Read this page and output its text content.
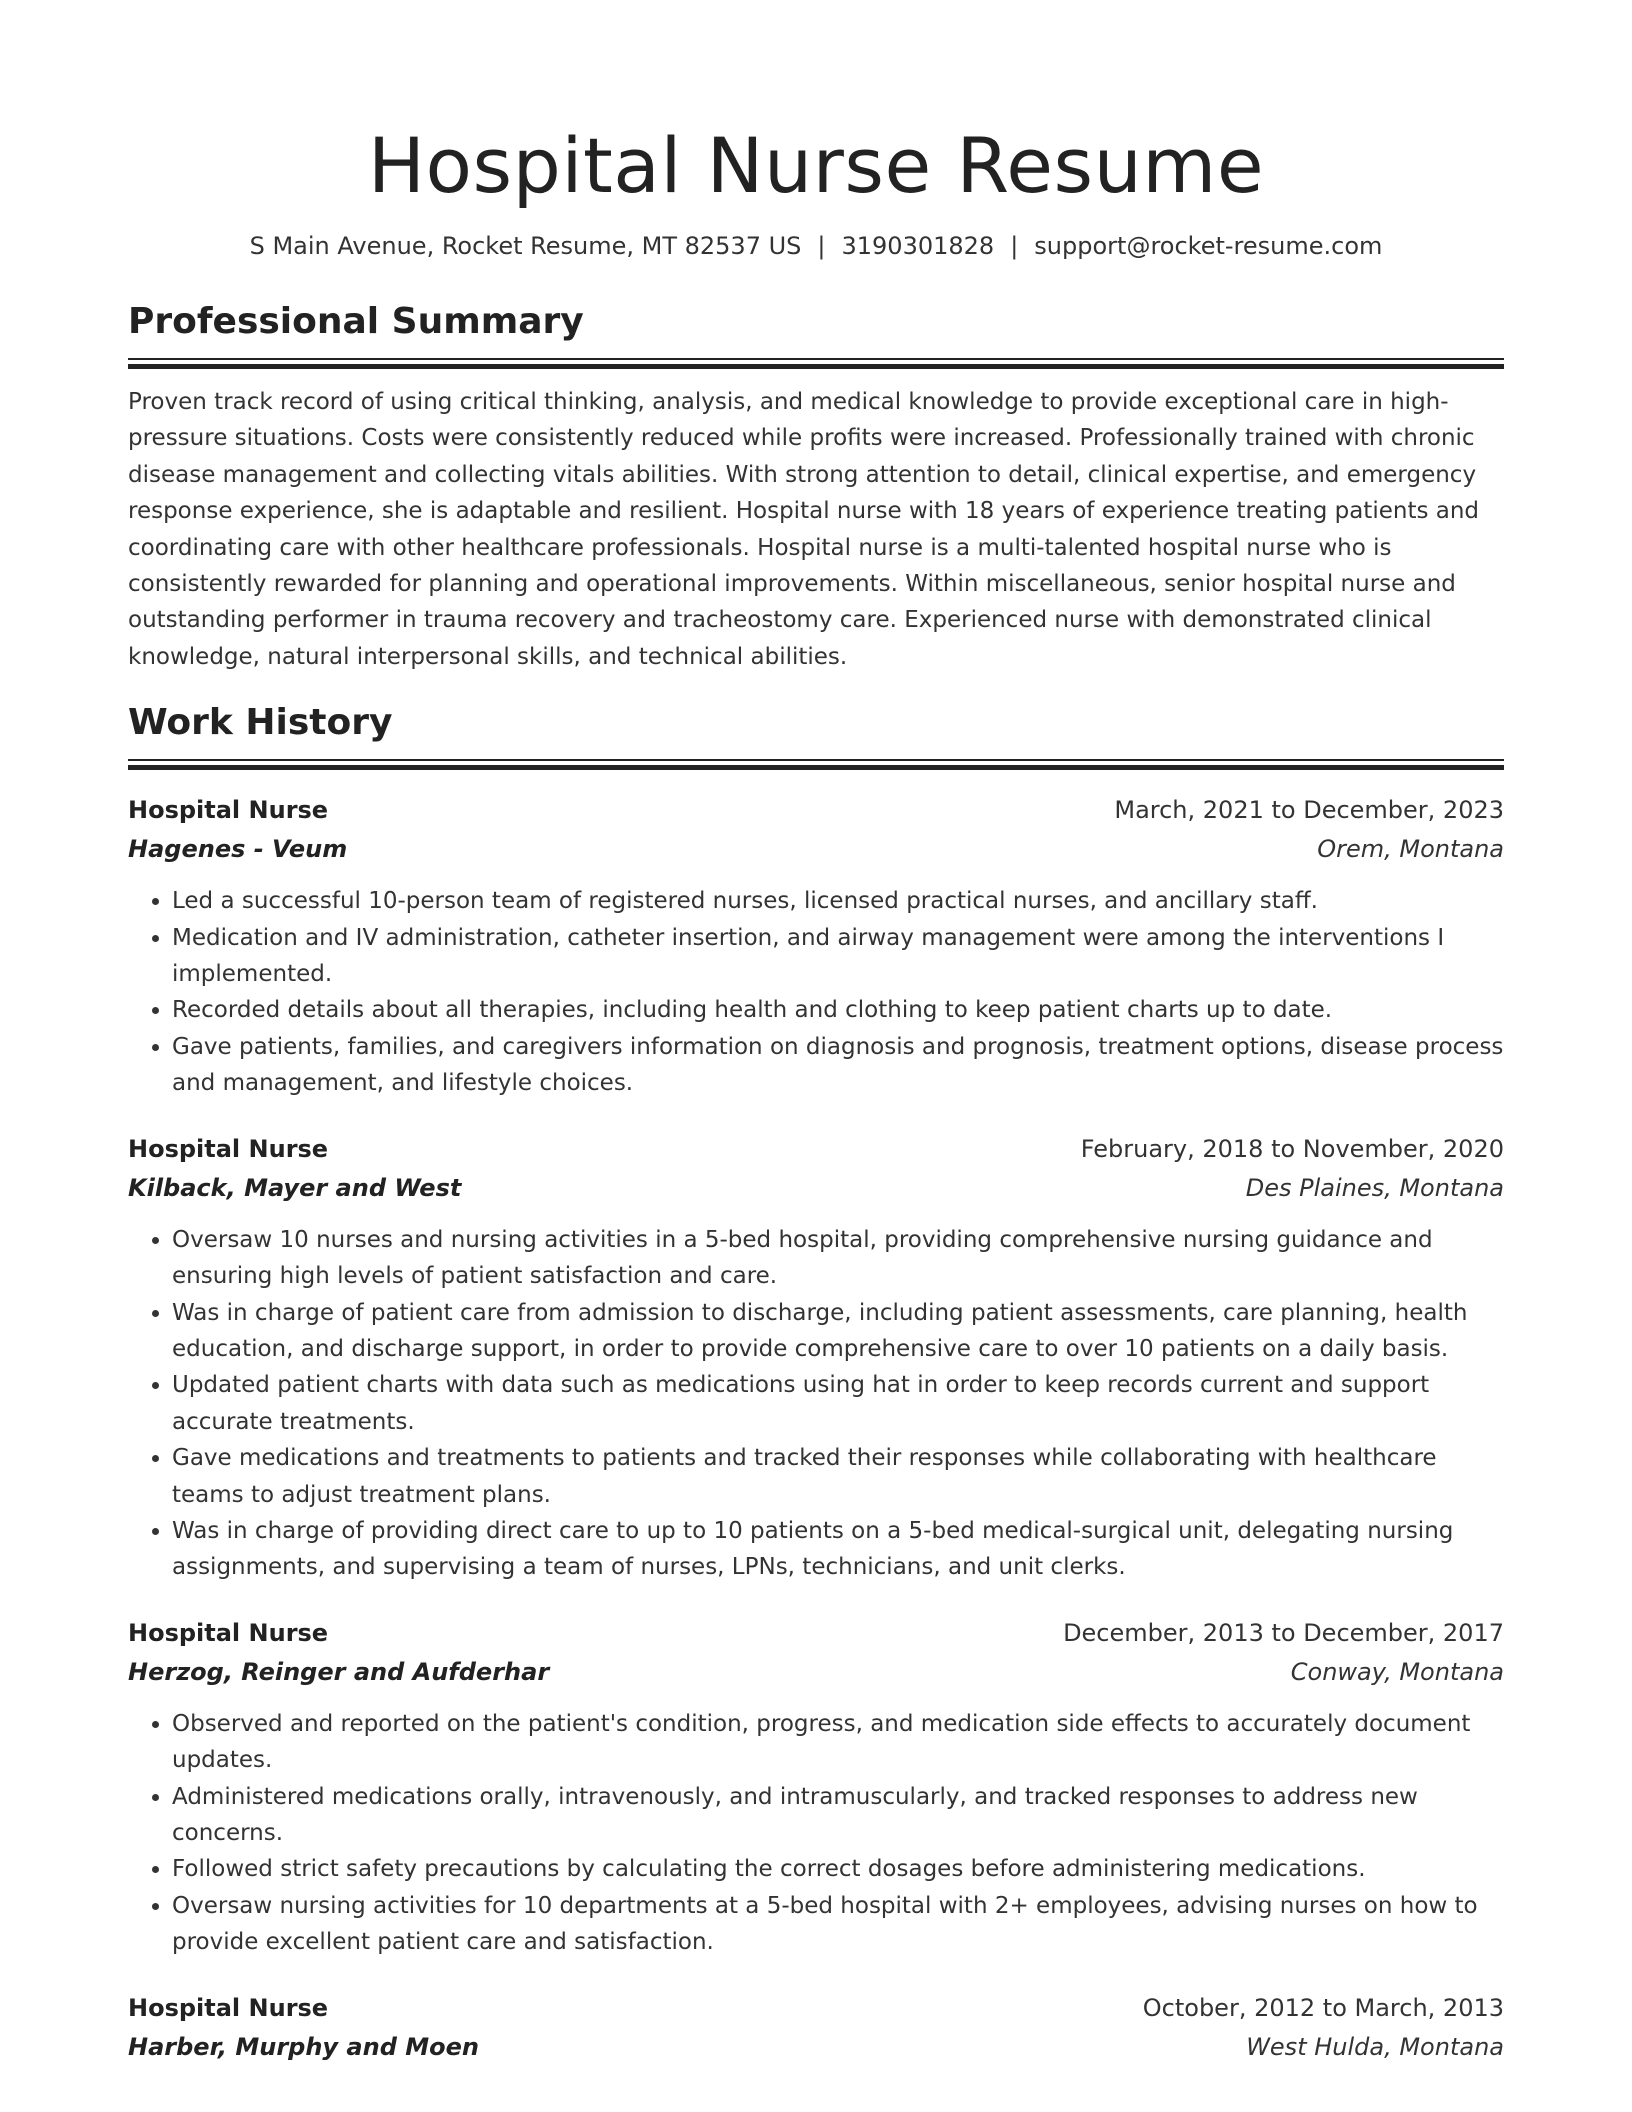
Hospital Nurse Resume
S Main Avenue, Rocket Resume, MT 82537 US | 3190301828 | support@rocket-resume.com
Professional Summary

Proven track record of using critical thinking, analysis, and medical knowledge to provide exceptional care in high-pressure situations. Costs were consistently reduced while profits were increased. Professionally trained with chronic disease management and collecting vitals abilities. With strong attention to detail, clinical expertise, and emergency response experience, she is adaptable and resilient. Hospital nurse with 18 years of experience treating patients and coordinating care with other healthcare professionals. Hospital nurse is a multi-talented hospital nurse who is consistently rewarded for planning and operational improvements. Within miscellaneous, senior hospital nurse and outstanding performer in trauma recovery and tracheostomy care. Experienced nurse with demonstrated clinical knowledge, natural interpersonal skills, and technical abilities.

Work History
Hospital Nurse	March, 2021 to December, 2023
Hagenes - Veum	Orem, Montana
• Led a successful 10-person team of registered nurses, licensed practical nurses, and ancillary staff.
• Medication and IV administration, catheter insertion, and airway management were among the interventions I implemented.
• Recorded details about all therapies, including health and clothing to keep patient charts up to date.
• Gave patients, families, and caregivers information on diagnosis and prognosis, treatment options, disease process and management, and lifestyle choices.
Hospital Nurse	February, 2018 to November, 2020
Kilback, Mayer and West	Des Plaines, Montana
• Oversaw 10 nurses and nursing activities in a 5-bed hospital, providing comprehensive nursing guidance and ensuring high levels of patient satisfaction and care.
• Was in charge of patient care from admission to discharge, including patient assessments, care planning, health education, and discharge support, in order to provide comprehensive care to over 10 patients on a daily basis.
• Updated patient charts with data such as medications using hat in order to keep records current and support accurate treatments.
• Gave medications and treatments to patients and tracked their responses while collaborating with healthcare teams to adjust treatment plans.
• Was in charge of providing direct care to up to 10 patients on a 5-bed medical-surgical unit, delegating nursing assignments, and supervising a team of nurses, LPNs, technicians, and unit clerks.
Hospital Nurse	December, 2013 to December, 2017
Herzog, Reinger and Aufderhar	Conway, Montana
• Observed and reported on the patient's condition, progress, and medication side effects to accurately document updates.
• Administered medications orally, intravenously, and intramuscularly, and tracked responses to address new concerns.
• Followed strict safety precautions by calculating the correct dosages before administering medications.
• Oversaw nursing activities for 10 departments at a 5-bed hospital with 2+ employees, advising nurses on how to provide excellent patient care and satisfaction.
Hospital Nurse	October, 2012 to March, 2013
Harber, Murphy and Moen	West Hulda, Montana
